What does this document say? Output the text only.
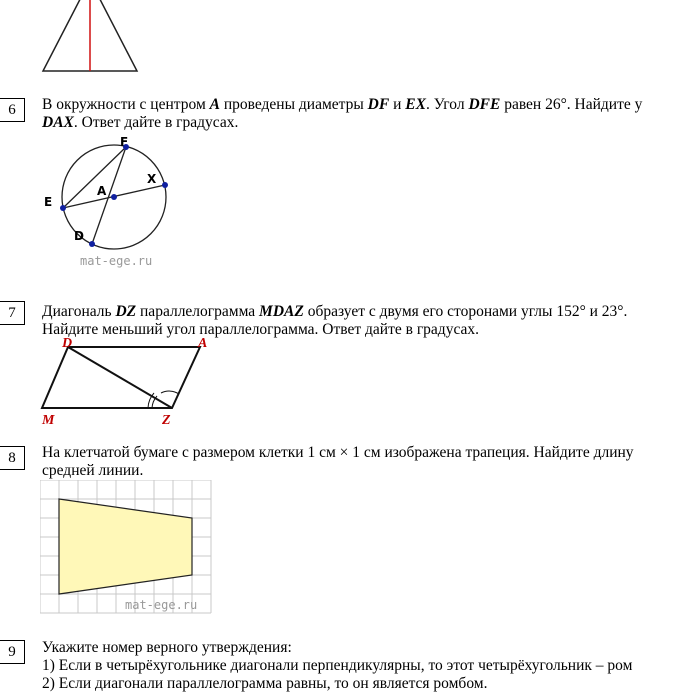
6	В окружности с центром A проведены диаметры DF и EX. Угол DFE равен 26°. Найдите у
DAX. Ответ дайте в градусах.
F
X
A
E
D
mat-ege.ru
7	Диагональ DZ параллелограмма MDAZ образует с двумя его сторонами углы 152° и 23°.
Найдите меньший угол параллелограмма. Ответ дайте в градусах.
D	A
M	Z
8	На клетчатой бумаге с размером клетки 1 см × 1 см изображена трапеция. Найдите длину
средней линии.
mat-ege.ru
9	Укажите номер верного утверждения:
1) Если в четырёхугольнике диагонали перпендикулярны, то этот четырёхугольник – ром
2) Если диагонали параллелограмма равны, то он является ромбом.
